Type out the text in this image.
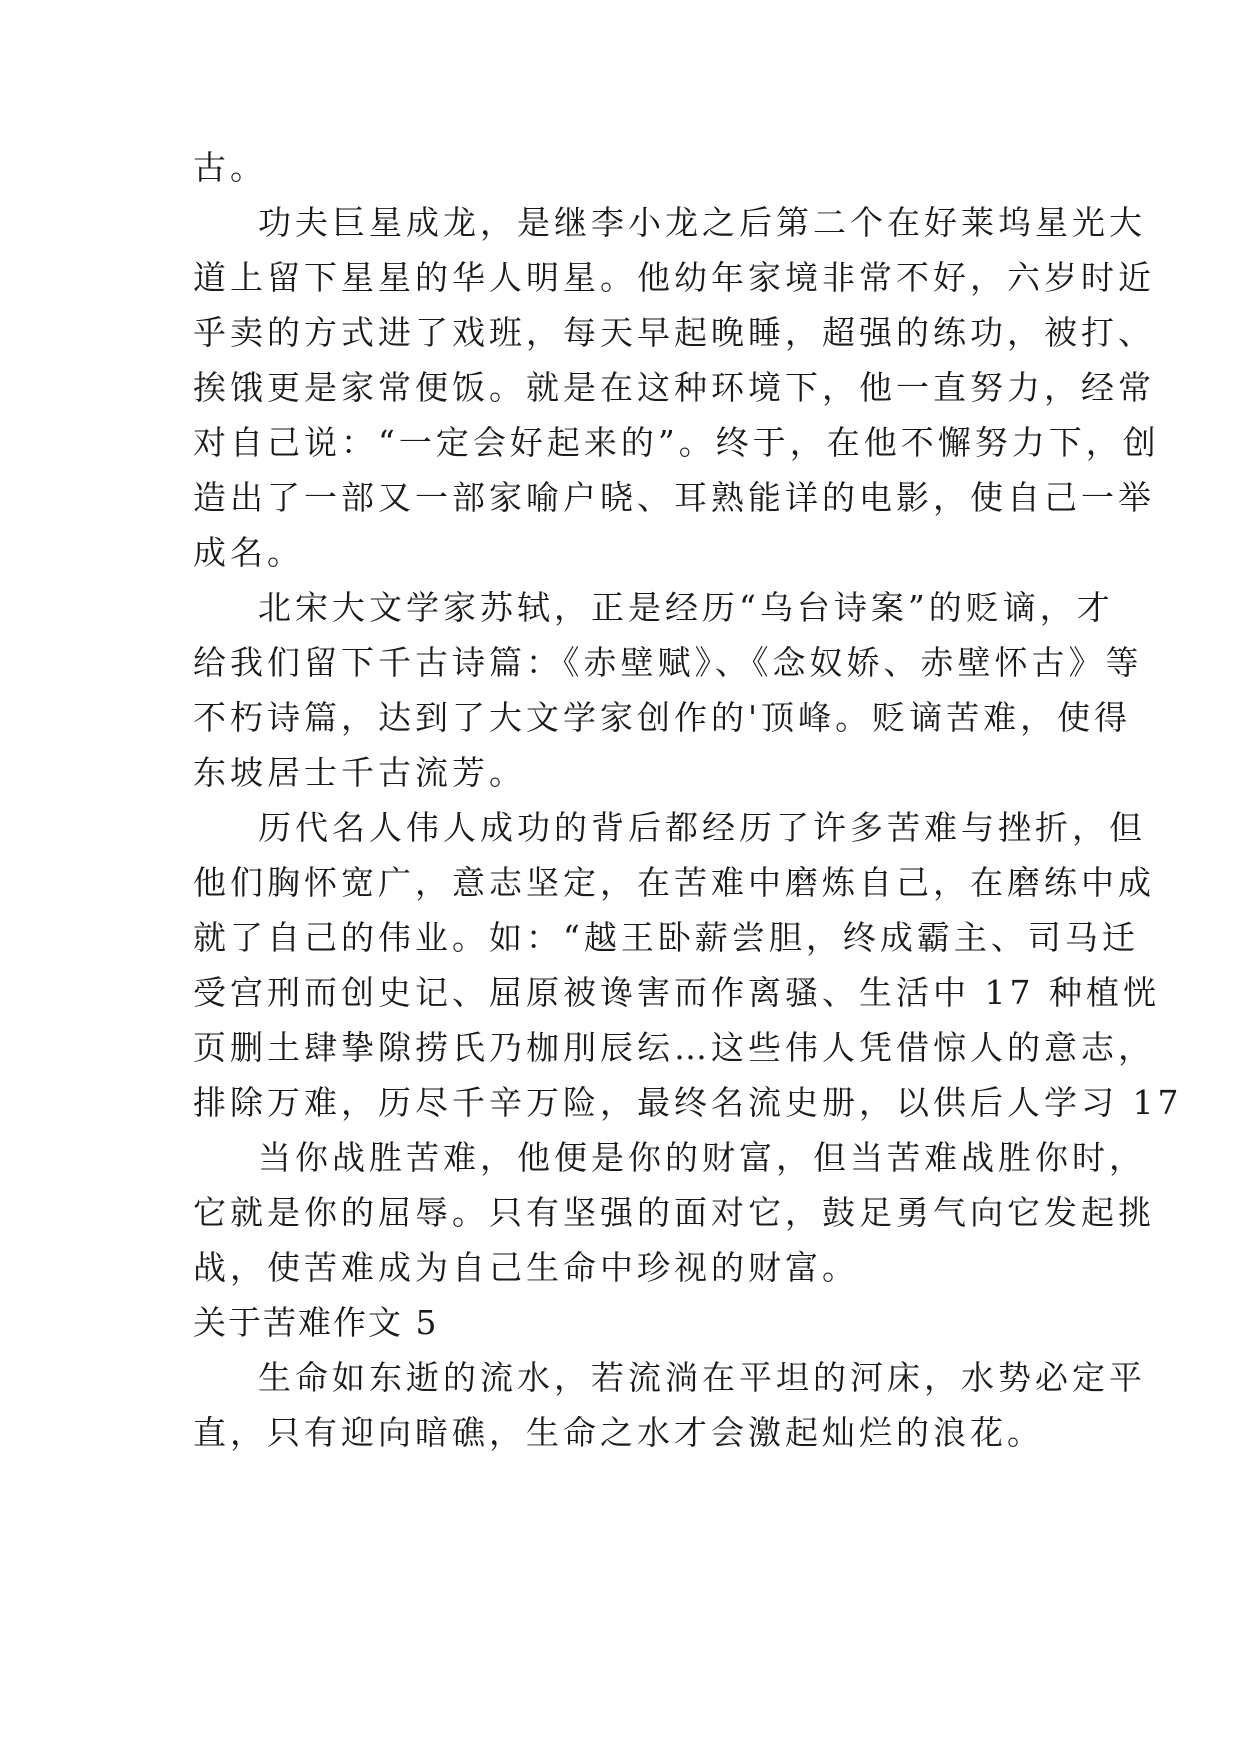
古。
功夫巨星成龙，是继李小龙之后第二个在好莱坞星光大
道上留下星星的华人明星。他幼年家境非常不好，六岁时近
乎卖的方式进了戏班，每天早起晚睡，超强的练功，被打、
挨饿更是家常便饭。就是在这种环境下，他一直努力，经常
对自己说：“一定会好起来的”。终于，在他不懈努力下，创
造出了一部又一部家喻户晓、耳熟能详的电影，使自己一举
成名。
北宋大文学家苏轼，正是经历“乌台诗案”的贬谪，才
给我们留下千古诗篇：《赤壁赋》、《念奴娇、赤壁怀古》等
不朽诗篇，达到了大文学家创作的'顶峰。贬谪苦难，使得
东坡居士千古流芳。
历代名人伟人成功的背后都经历了许多苦难与挫折，但
他们胸怀宽广，意志坚定，在苦难中磨炼自己，在磨练中成
就了自己的伟业。如：“越王卧薪尝胆，终成霸主、司马迁
受宫刑而创史记、屈原被谗害而作离骚、生活中 17 种植恍
页删土肆挚隙捞氏乃枷刖辰纭…这些伟人凭借惊人的意志，
排除万难，历尽千辛万险，最终名流史册，以供后人学习 17
当你战胜苦难，他便是你的财富，但当苦难战胜你时，
它就是你的屈辱。只有坚强的面对它，鼓足勇气向它发起挑
战，使苦难成为自己生命中珍视的财富。
关于苦难作文 5
生命如东逝的流水，若流淌在平坦的河床，水势必定平
直，只有迎向暗礁，生命之水才会激起灿烂的浪花。
